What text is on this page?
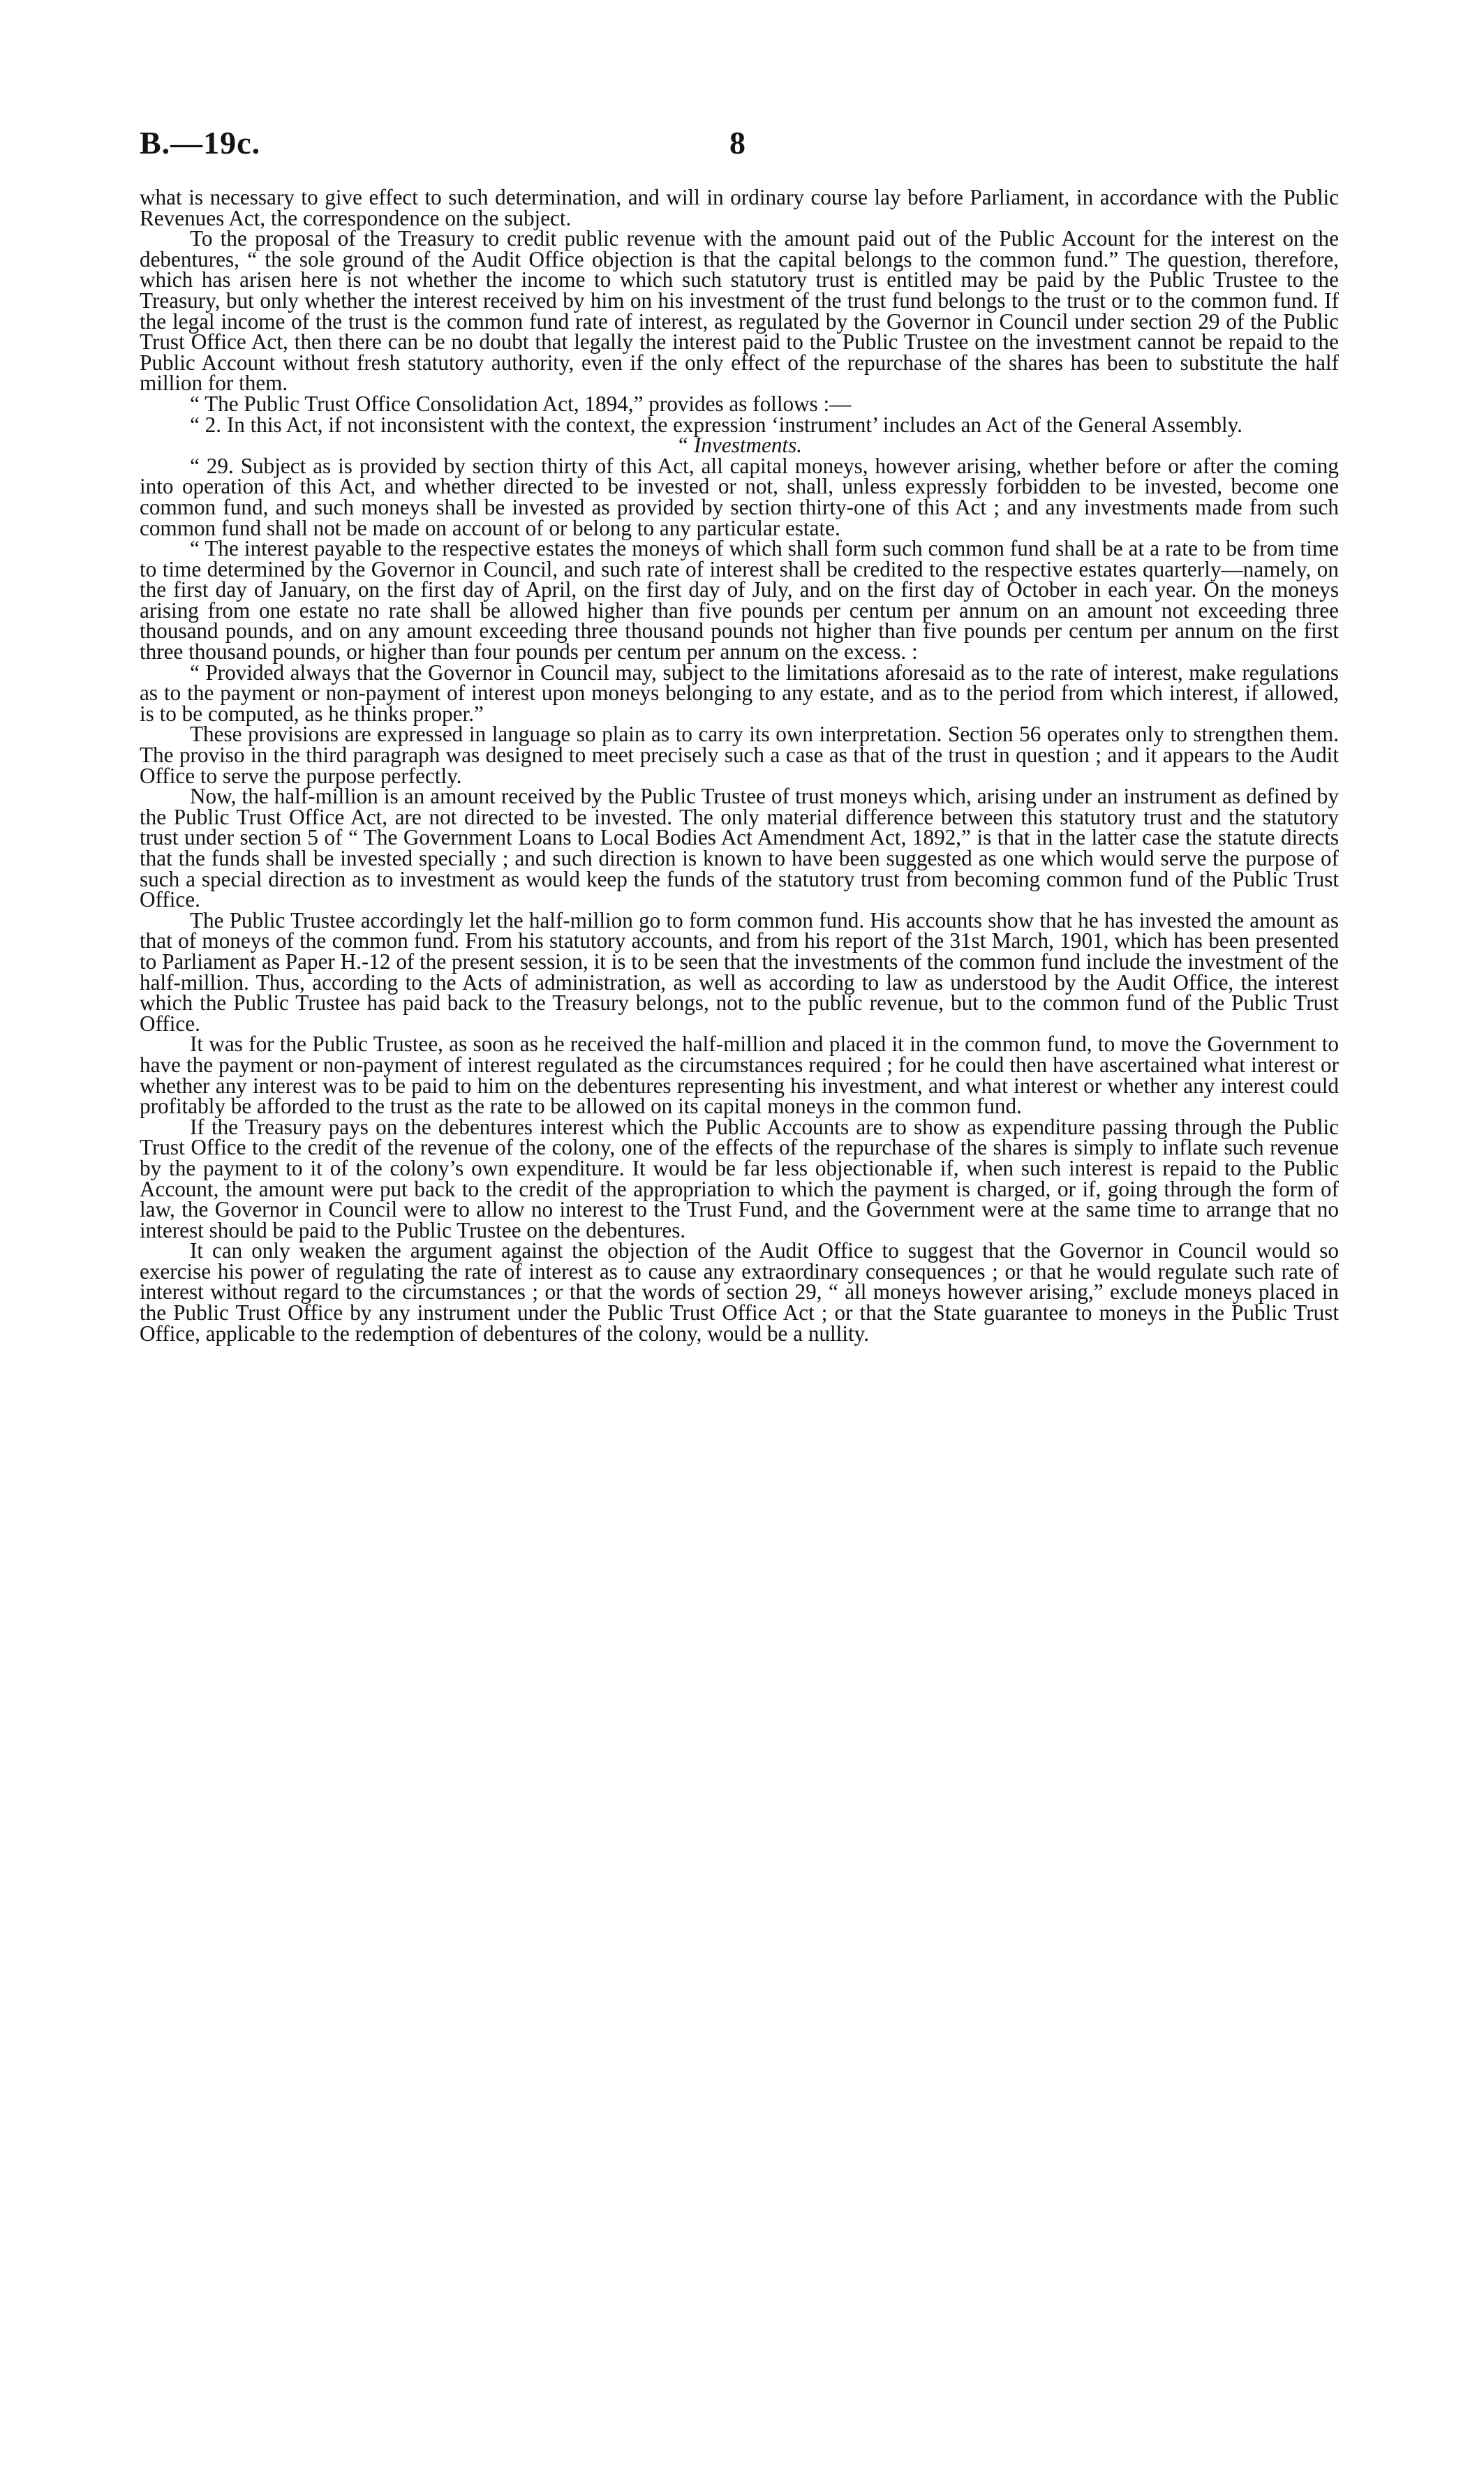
B.—19c.	8

what is necessary to give effect to such determination, and will in ordinary course lay before Parliament, in accordance with the Public Revenues Act, the correspondence on the subject.

To the proposal of the Treasury to credit public revenue with the amount paid out of the Public Account for the interest on the debentures, “ the sole ground of the Audit Office objection is that the capital belongs to the common fund.” The question, therefore, which has arisen here is not whether the income to which such statutory trust is entitled may be paid by the Public Trustee to the Treasury, but only whether the interest received by him on his investment of the trust fund belongs to the trust or to the common fund. If the legal income of the trust is the common fund rate of interest, as regulated by the Governor in Council under section 29 of the Public Trust Office Act, then there can be no doubt that legally the interest paid to the Public Trustee on the investment cannot be repaid to the Public Account without fresh statutory authority, even if the only effect of the repurchase of the shares has been to substitute the half million for them.

“ The Public Trust Office Consolidation Act, 1894,” provides as follows :—

“ 2. In this Act, if not inconsistent with the context, the expression ‘instrument’ includes an Act of the General Assembly.

“ Investments.

“ 29. Subject as is provided by section thirty of this Act, all capital moneys, however arising, whether before or after the coming into operation of this Act, and whether directed to be invested or not, shall, unless expressly forbidden to be invested, become one common fund, and such moneys shall be invested as provided by section thirty-one of this Act ; and any investments made from such common fund shall not be made on account of or belong to any particular estate.

“ The interest payable to the respective estates the moneys of which shall form such common fund shall be at a rate to be from time to time determined by the Governor in Council, and such rate of interest shall be credited to the respective estates quarterly—namely, on the first day of January, on the first day of April, on the first day of July, and on the first day of October in each year. On the moneys arising from one estate no rate shall be allowed higher than five pounds per centum per annum on an amount not exceeding three thousand pounds, and on any amount exceeding three thousand pounds not higher than five pounds per centum per annum on the first three thousand pounds, or higher than four pounds per centum per annum on the excess. :

“ Provided always that the Governor in Council may, subject to the limitations aforesaid as to the rate of interest, make regulations as to the payment or non-payment of interest upon moneys belonging to any estate, and as to the period from which interest, if allowed, is to be computed, as he thinks proper.”

These provisions are expressed in language so plain as to carry its own interpretation. Section 56 operates only to strengthen them. The proviso in the third paragraph was designed to meet precisely such a case as that of the trust in question ; and it appears to the Audit Office to serve the purpose perfectly.

Now, the half-million is an amount received by the Public Trustee of trust moneys which, arising under an instrument as defined by the Public Trust Office Act, are not directed to be invested. The only material difference between this statutory trust and the statutory trust under section 5 of “ The Government Loans to Local Bodies Act Amendment Act, 1892,” is that in the latter case the statute directs that the funds shall be invested specially ; and such direction is known to have been suggested as one which would serve the purpose of such a special direction as to investment as would keep the funds of the statutory trust from becoming common fund of the Public Trust Office.

The Public Trustee accordingly let the half-million go to form common fund. His accounts show that he has invested the amount as that of moneys of the common fund. From his statutory accounts, and from his report of the 31st March, 1901, which has been presented to Parliament as Paper H.-12 of the present session, it is to be seen that the investments of the common fund include the investment of the half-million. Thus, according to the Acts of administration, as well as according to law as understood by the Audit Office, the interest which the Public Trustee has paid back to the Treasury belongs, not to the public revenue, but to the common fund of the Public Trust Office.

It was for the Public Trustee, as soon as he received the half-million and placed it in the common fund, to move the Government to have the payment or non-payment of interest regulated as the circumstances required ; for he could then have ascertained what interest or whether any interest was to be paid to him on the debentures representing his investment, and what interest or whether any interest could profitably be afforded to the trust as the rate to be allowed on its capital moneys in the common fund.

If the Treasury pays on the debentures interest which the Public Accounts are to show as expenditure passing through the Public Trust Office to the credit of the revenue of the colony, one of the effects of the repurchase of the shares is simply to inflate such revenue by the payment to it of the colony’s own expenditure. It would be far less objectionable if, when such interest is repaid to the Public Account, the amount were put back to the credit of the appropriation to which the payment is charged, or if, going through the form of law, the Governor in Council were to allow no interest to the Trust Fund, and the Government were at the same time to arrange that no interest should be paid to the Public Trustee on the debentures.

It can only weaken the argument against the objection of the Audit Office to suggest that the Governor in Council would so exercise his power of regulating the rate of interest as to cause any extraordinary consequences ; or that he would regulate such rate of interest without regard to the circumstances ; or that the words of section 29, “ all moneys however arising,” exclude moneys placed in the Public Trust Office by any instrument under the Public Trust Office Act ; or that the State guarantee to moneys in the Public Trust Office, applicable to the redemption of debentures of the colony, would be a nullity.
